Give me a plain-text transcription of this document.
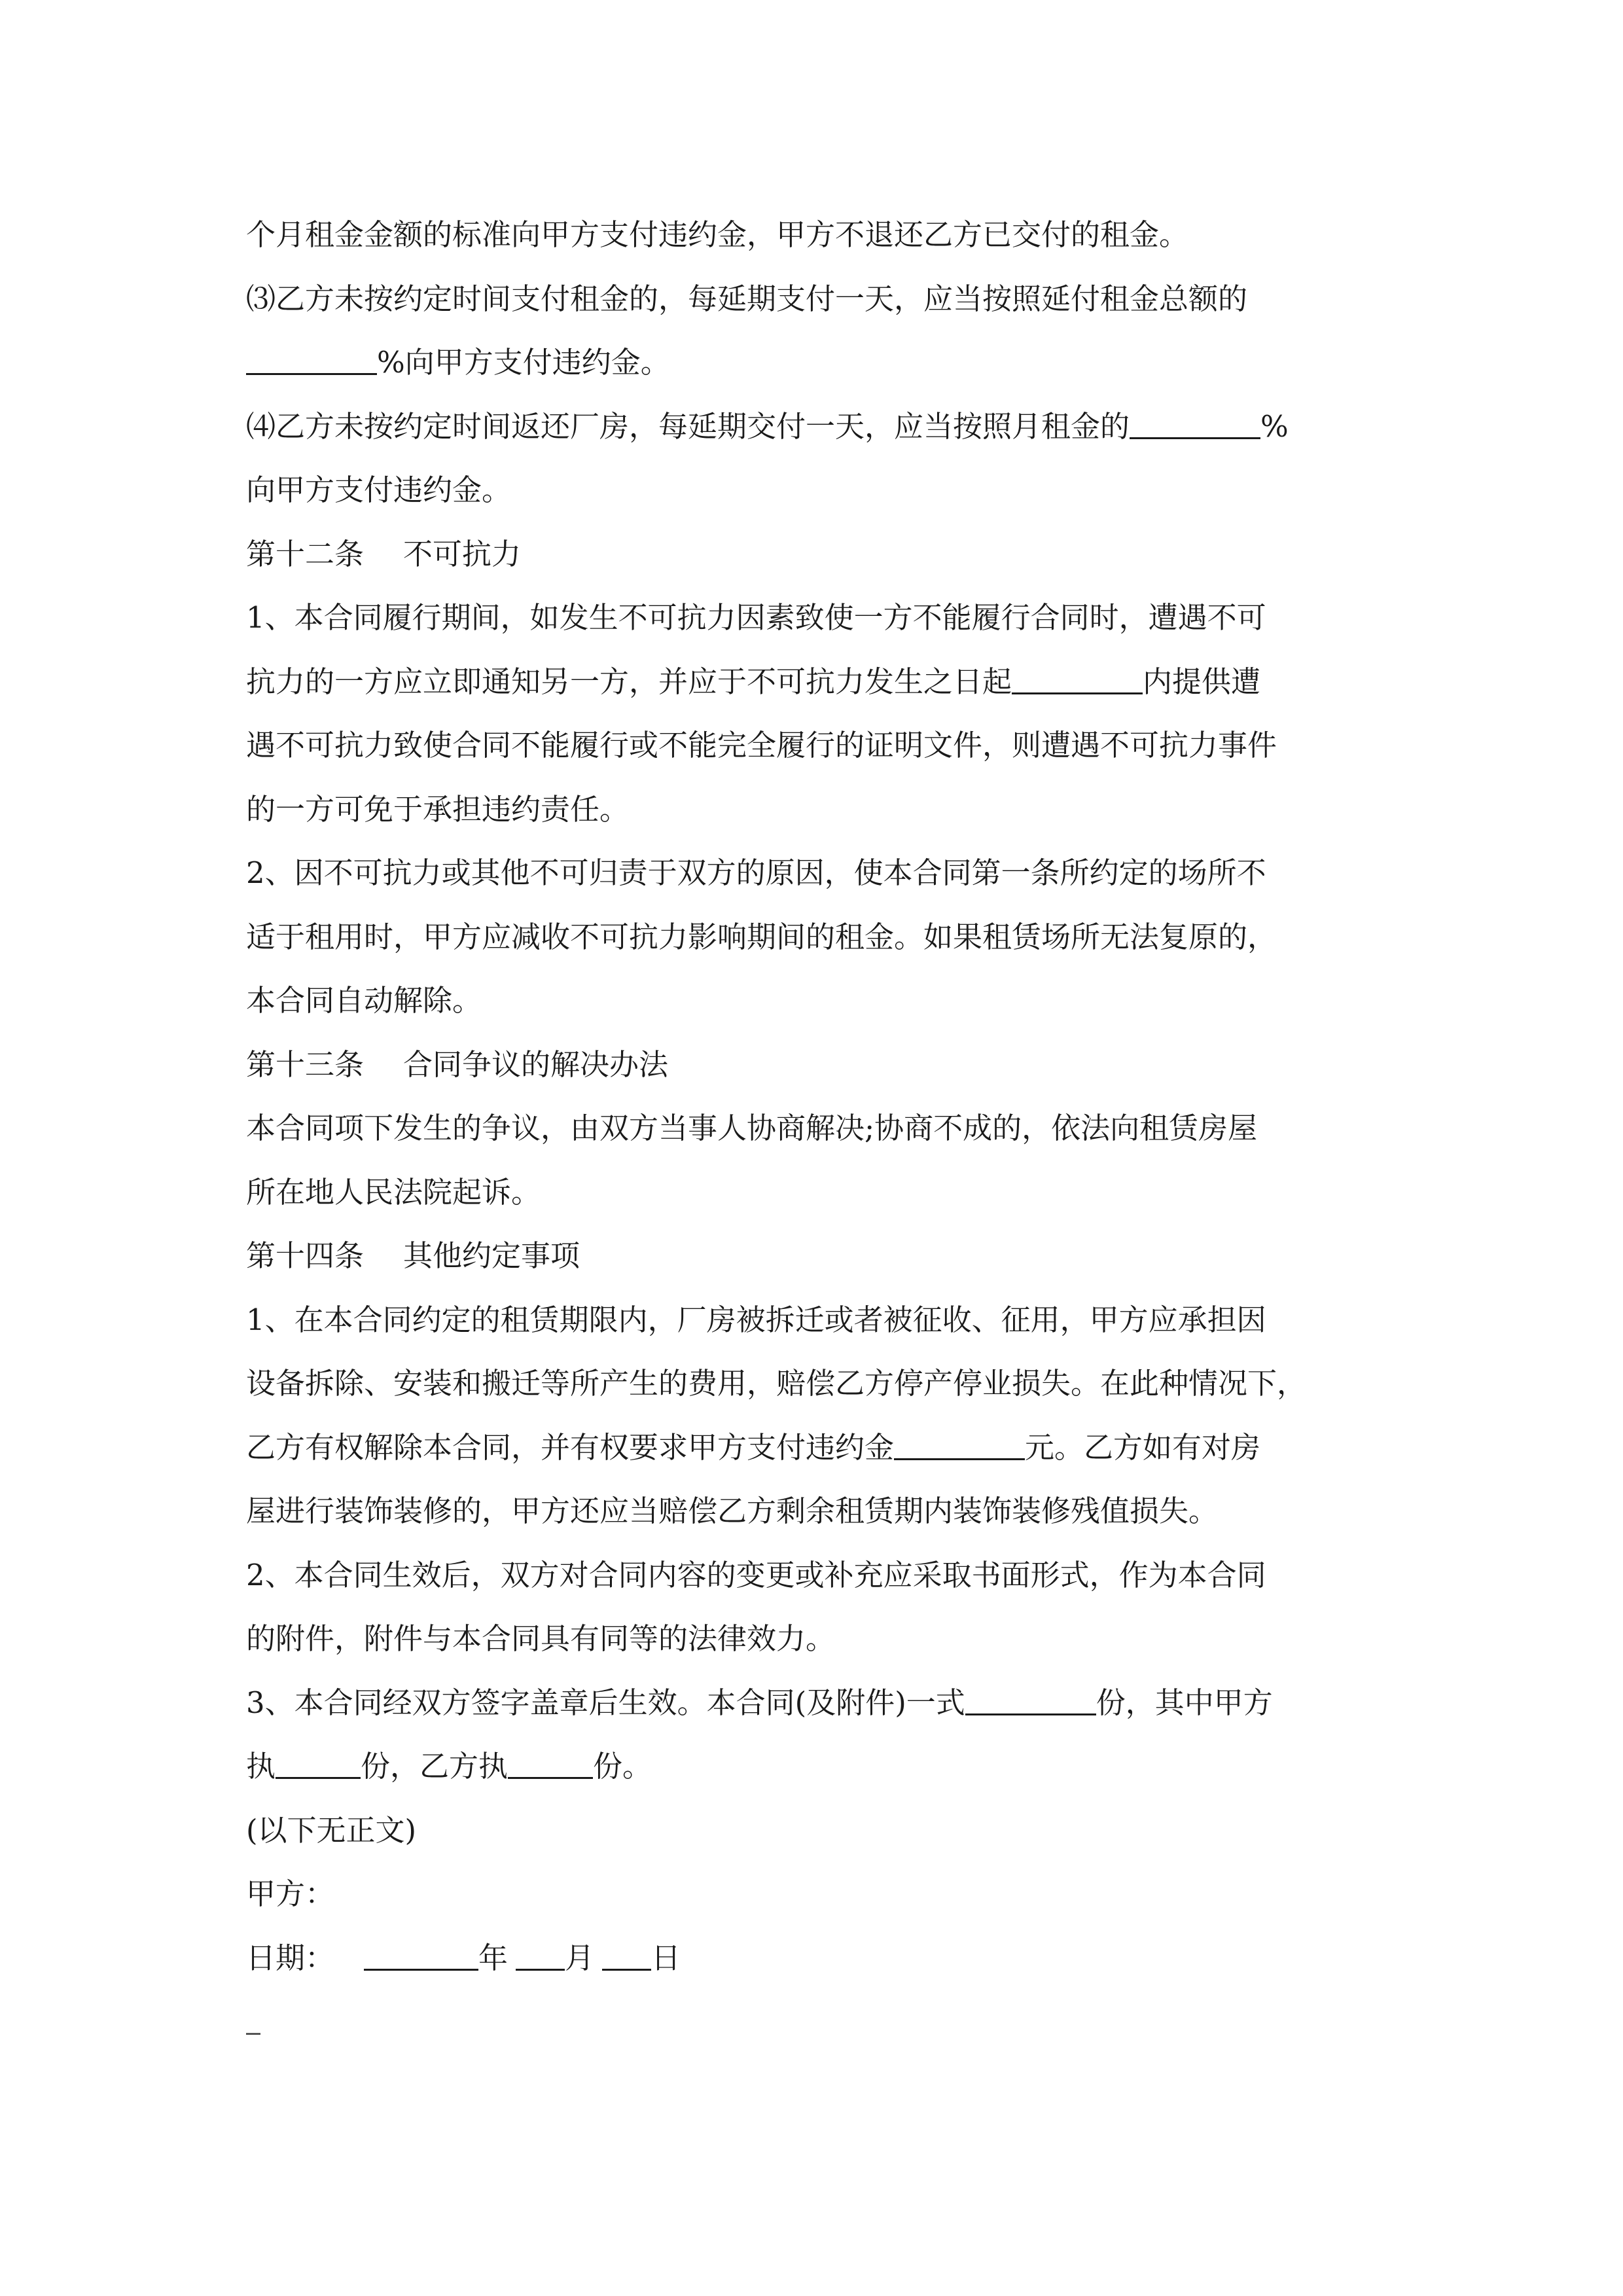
个月租金金额的标准向甲方支付违约金，甲方不退还乙方已交付的租金。
⑶乙方未按约定时间支付租金的，每延期支付一天，应当按照延付租金总额的
%向甲方支付违约金。
⑷乙方未按约定时间返还厂房，每延期交付一天，应当按照月租金的	%
向甲方支付违约金。
第十二条 不可抗力
1、本合同履行期间，如发生不可抗力因素致使一方不能履行合同时，遭遇不可
抗力的一方应立即通知另一方，并应于不可抗力发生之日起	内提供遭
遇不可抗力致使合同不能履行或不能完全履行的证明文件，则遭遇不可抗力事件
的一方可免于承担违约责任。
2、因不可抗力或其他不可归责于双方的原因，使本合同第一条所约定的场所不
适于租用时，甲方应减收不可抗力影响期间的租金。如果租赁场所无法复原的，
本合同自动解除。
第十三条 合同争议的解决办法
本合同项下发生的争议，由双方当事人协商解决;协商不成的，依法向租赁房屋
所在地人民法院起诉。
第十四条 其他约定事项
1、在本合同约定的租赁期限内，厂房被拆迁或者被征收、征用，甲方应承担因
设备拆除、安装和搬迁等所产生的费用，赔偿乙方停产停业损失。在此种情况下，
乙方有权解除本合同，并有权要求甲方支付违约金	元。乙方如有对房
屋进行装饰装修的，甲方还应当赔偿乙方剩余租赁期内装饰装修残值损失。
2、本合同生效后，双方对合同内容的变更或补充应采取书面形式，作为本合同
的附件，附件与本合同具有同等的法律效力。
3、本合同经双方签字盖章后生效。本合同(及附件)一式	份，其中甲方
执	份，乙方执	份。
(以下无正文)
甲方：
日期：	年 月 日
